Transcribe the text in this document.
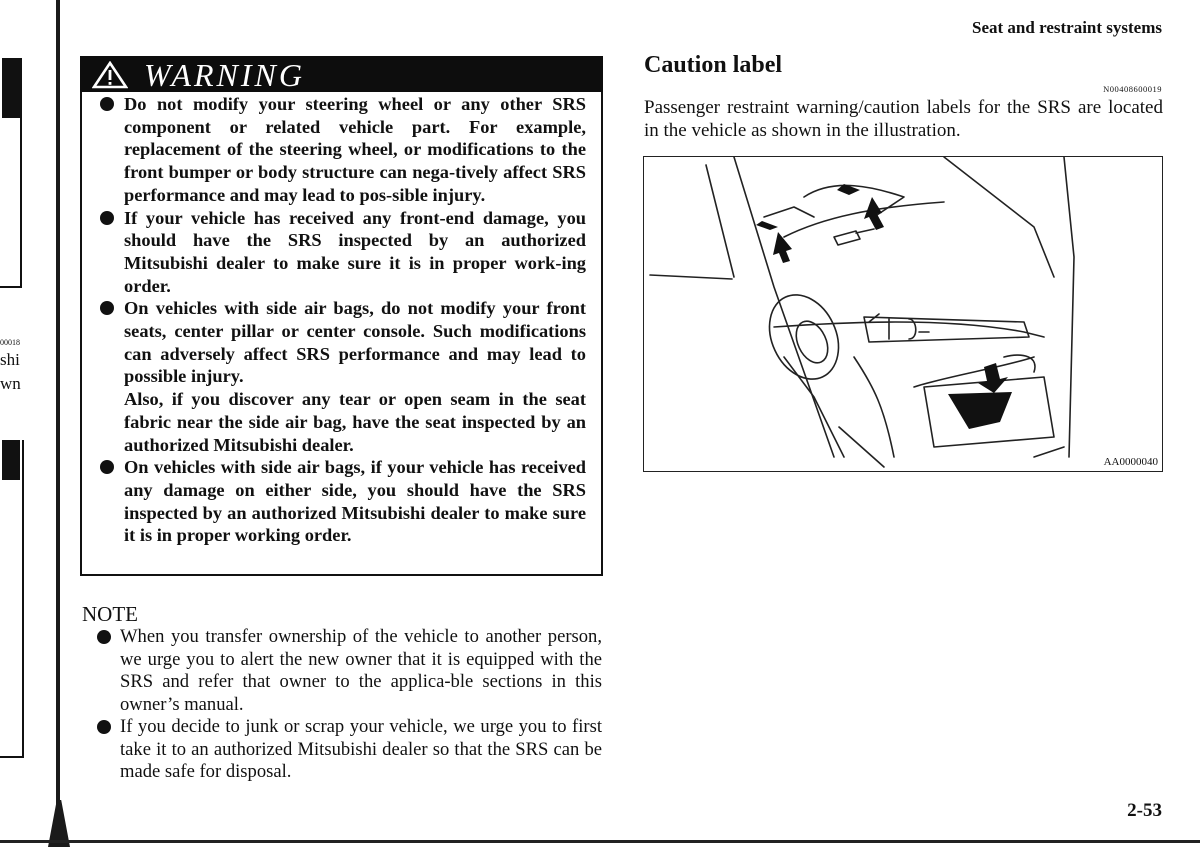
00018
shi
wn
Seat and restraint systems
WARNING

Do not modify your steering wheel or any other SRS component or related vehicle part. For example, replacement of the steering wheel, or modifications to the front bumper or body structure can nega-tively affect SRS performance and may lead to pos-sible injury.

If your vehicle has received any front-end damage, you should have the SRS inspected by an authorized Mitsubishi dealer to make sure it is in proper work-ing order.

On vehicles with side air bags, do not modify your front seats, center pillar or center console. Such modifications can adversely affect SRS performance and may lead to possible injury.

Also, if you discover any tear or open seam in the seat fabric near the side air bag, have the seat inspected by an authorized Mitsubishi dealer.

On vehicles with side air bags, if your vehicle has received any damage on either side, you should have the SRS inspected by an authorized Mitsubishi dealer to make sure it is in proper working order.

NOTE

When you transfer ownership of the vehicle to another person, we urge you to alert the new owner that it is equipped with the SRS and refer that owner to the applica-ble sections in this owner’s manual.

If you decide to junk or scrap your vehicle, we urge you to first take it to an authorized Mitsubishi dealer so that the SRS can be made safe for disposal.

Caution label
N00408600019
Passenger restraint warning/caution labels for the SRS are located in the vehicle as shown in the illustration.
AA0000040
2-53
